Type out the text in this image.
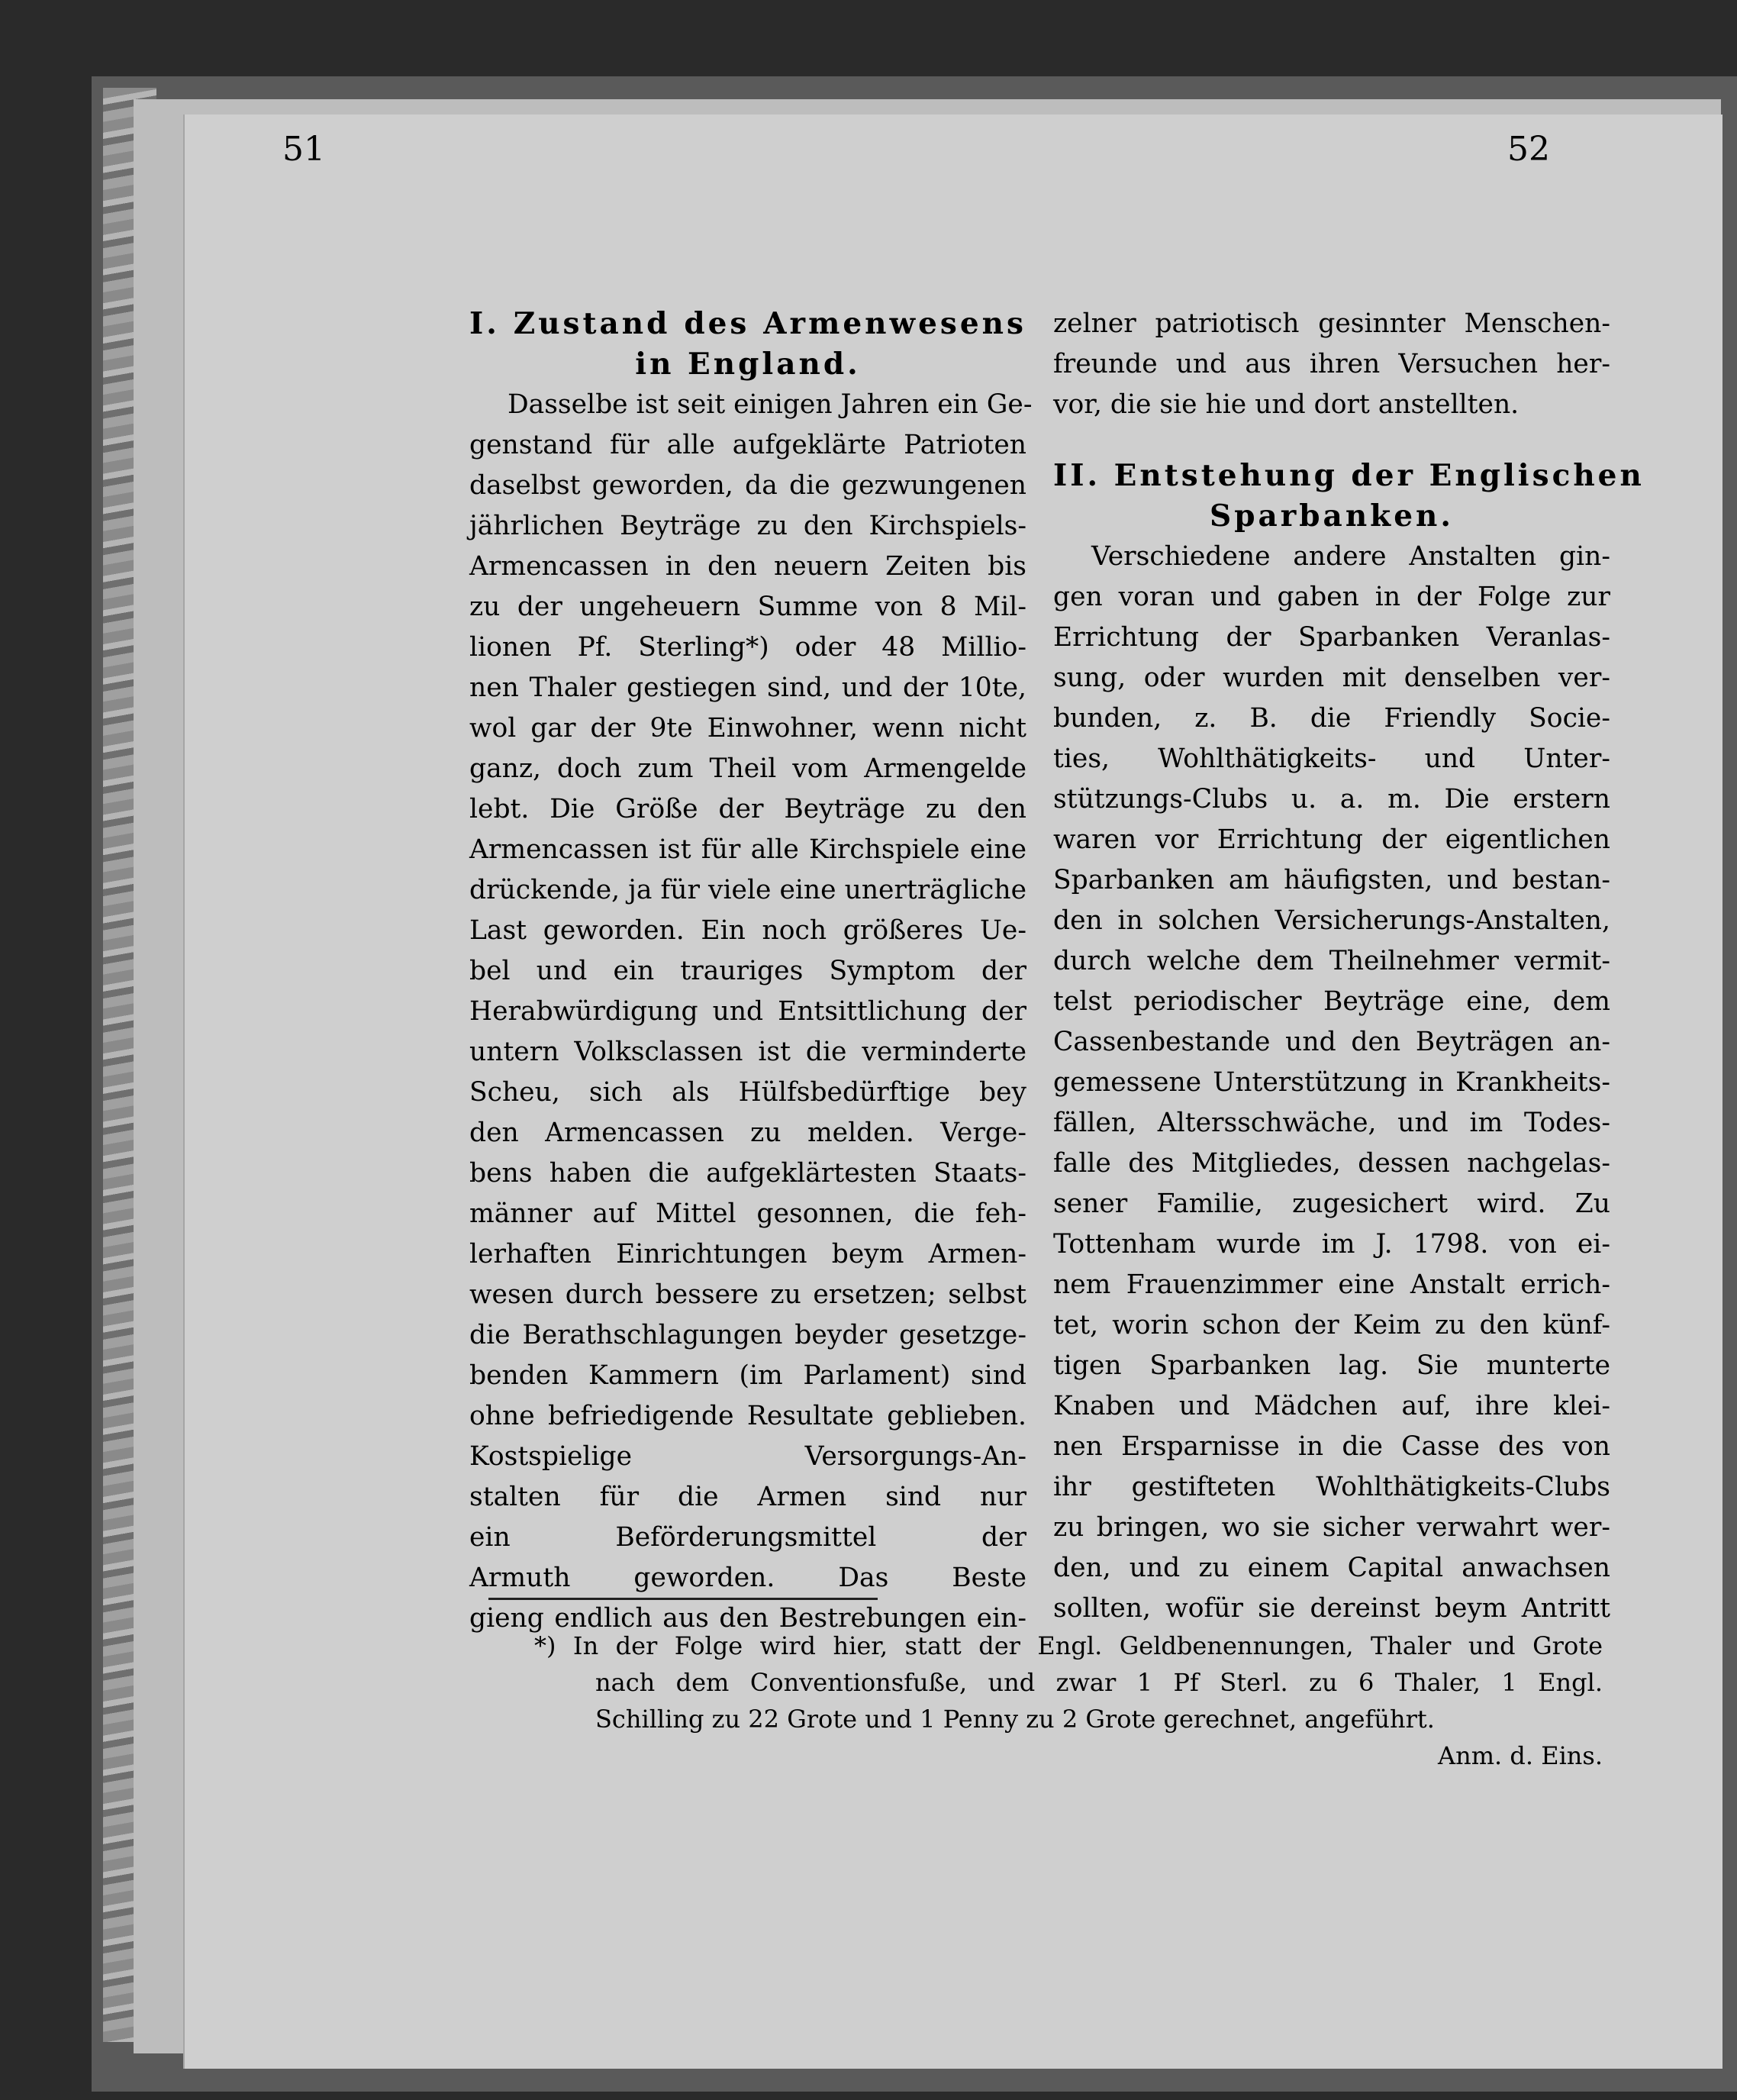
51	52
I. Zustand des Armenwesens
in England.
Dasselbe ist seit einigen Jahren ein Ge-
genstand für alle aufgeklärte Patrioten
daselbst geworden, da die gezwungenen
jährlichen Beyträge zu den Kirchspiels-
Armencassen in den neuern Zeiten bis
zu der ungeheuern Summe von 8 Mil-
lionen Pf. Sterling*) oder 48 Millio-
nen Thaler gestiegen sind, und der 10te,
wol gar der 9te Einwohner, wenn nicht
ganz, doch zum Theil vom Armengelde
lebt. Die Größe der Beyträge zu den
Armencassen ist für alle Kirchspiele eine
drückende, ja für viele eine unerträgliche
Last geworden. Ein noch größeres Ue-
bel und ein trauriges Symptom der
Herabwürdigung und Entsittlichung der
untern Volksclassen ist die verminderte
Scheu, sich als Hülfsbedürftige bey
den Armencassen zu melden. Verge-
bens haben die aufgeklärtesten Staats-
männer auf Mittel gesonnen, die feh-
lerhaften Einrichtungen beym Armen-
wesen durch bessere zu ersetzen; selbst
die Berathschlagungen beyder gesetzge-
benden Kammern (im Parlament) sind
ohne befriedigende Resultate geblieben.
Kostspielige Versorgungs-An-
stalten für die Armen sind nur
ein Beförderungsmittel der
Armuth geworden. Das Beste
gieng endlich aus den Bestrebungen ein-
zelner patriotisch gesinnter Menschen-
freunde und aus ihren Versuchen her-
vor, die sie hie und dort anstellten.
II. Entstehung der Englischen
Sparbanken.
Verschiedene andere Anstalten gin-
gen voran und gaben in der Folge zur
Errichtung der Sparbanken Veranlas-
sung, oder wurden mit denselben ver-
bunden, z. B. die Friendly Socie-
ties, Wohlthätigkeits- und Unter-
stützungs-Clubs u. a. m. Die erstern
waren vor Errichtung der eigentlichen
Sparbanken am häufigsten, und bestan-
den in solchen Versicherungs-Anstalten,
durch welche dem Theilnehmer vermit-
telst periodischer Beyträge eine, dem
Cassenbestande und den Beyträgen an-
gemessene Unterstützung in Krankheits-
fällen, Altersschwäche, und im Todes-
falle des Mitgliedes, dessen nachgelas-
sener Familie, zugesichert wird. Zu
Tottenham wurde im J. 1798. von ei-
nem Frauenzimmer eine Anstalt errich-
tet, worin schon der Keim zu den künf-
tigen Sparbanken lag. Sie munterte
Knaben und Mädchen auf, ihre klei-
nen Ersparnisse in die Casse des von
ihr gestifteten Wohlthätigkeits-Clubs
zu bringen, wo sie sicher verwahrt wer-
den, und zu einem Capital anwachsen
sollten, wofür sie dereinst beym Antritt
*) In der Folge wird hier, statt der Engl. Geldbenennungen, Thaler und Grote
nach dem Conventionsfuße, und zwar 1 Pf Sterl. zu 6 Thaler, 1 Engl.
Schilling zu 22 Grote und 1 Penny zu 2 Grote gerechnet, angeführt.
Anm. d. Eins.
